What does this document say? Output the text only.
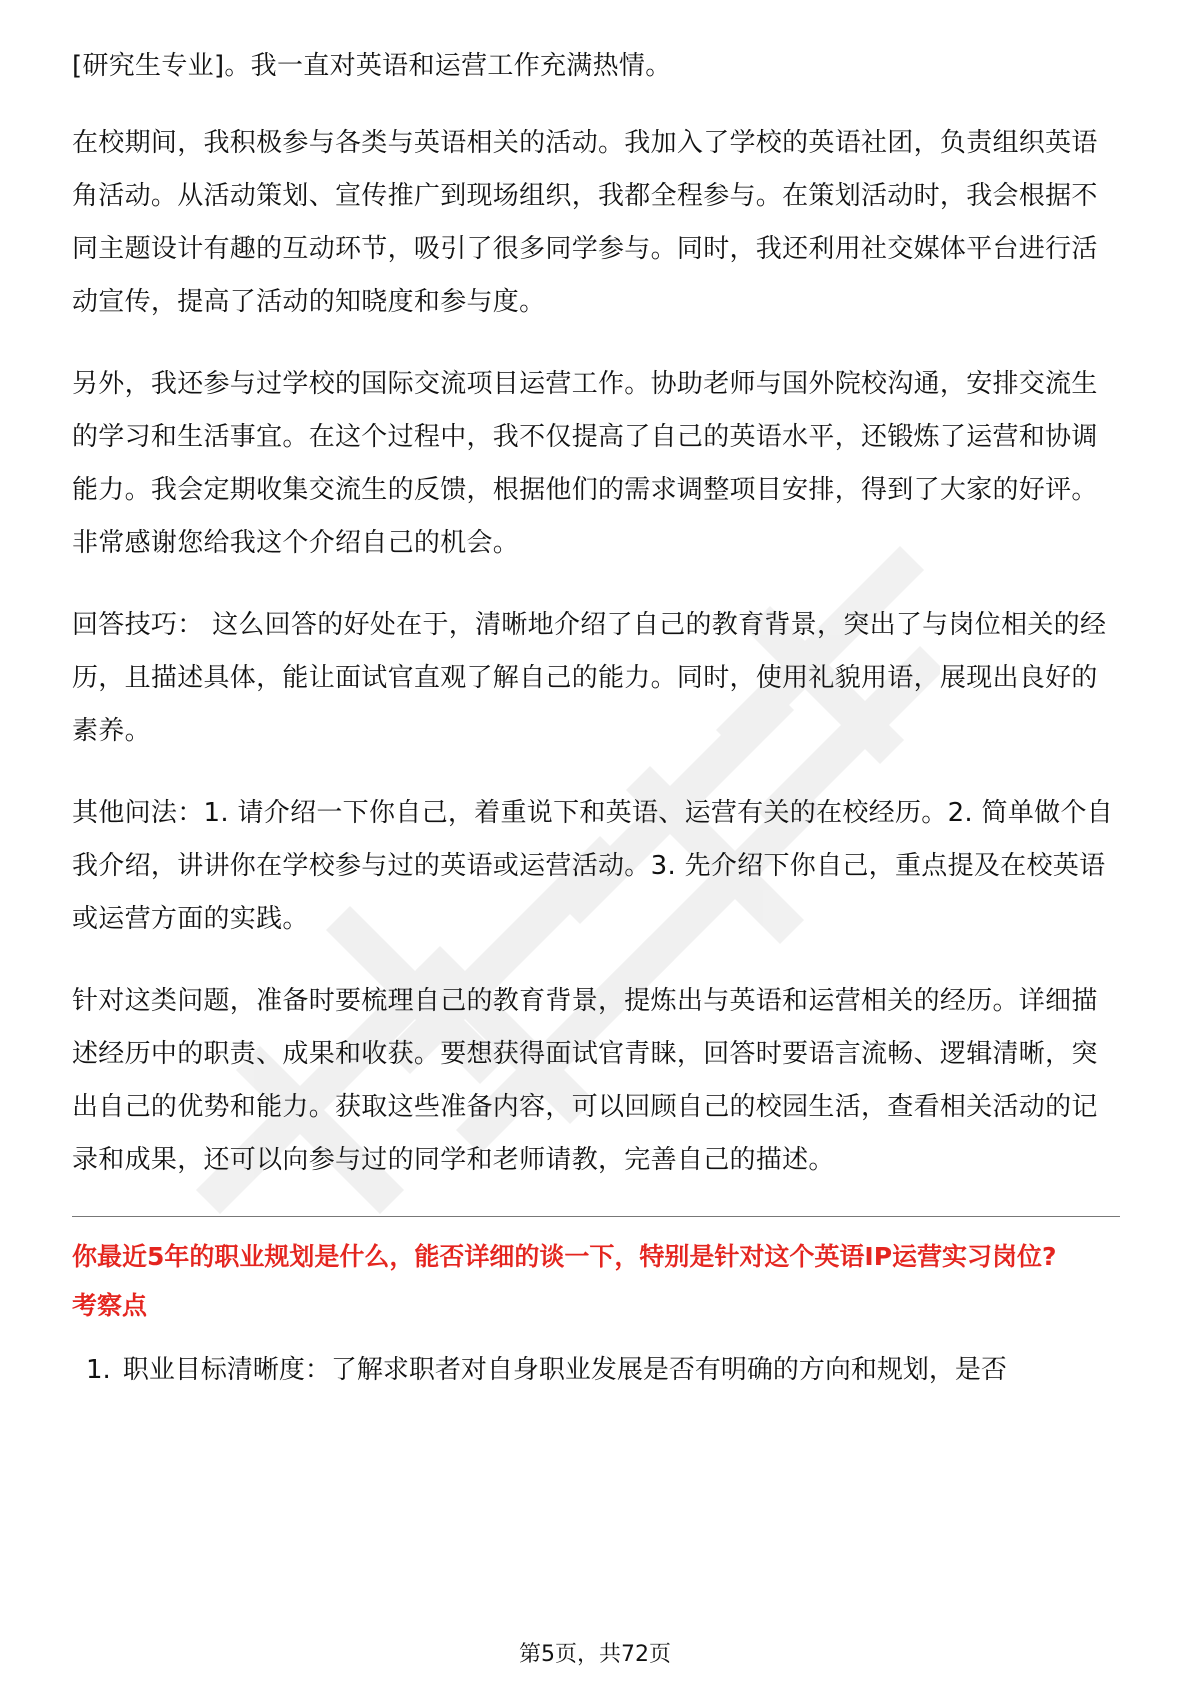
[研究生专业]。我一直对英语和运营工作充满热情。

在校期间，我积极参与各类与英语相关的活动。我加入了学校的英语社团，负责组织英语角活动。从活动策划、宣传推广到现场组织，我都全程参与。在策划活动时，我会根据不同主题设计有趣的互动环节，吸引了很多同学参与。同时，我还利用社交媒体平台进行活动宣传，提高了活动的知晓度和参与度。

另外，我还参与过学校的国际交流项目运营工作。协助老师与国外院校沟通，安排交流生的学习和生活事宜。在这个过程中，我不仅提高了自己的英语水平，还锻炼了运营和协调能力。我会定期收集交流生的反馈，根据他们的需求调整项目安排，得到了大家的好评。非常感谢您给我这个介绍自己的机会。

回答技巧： 这么回答的好处在于，清晰地介绍了自己的教育背景，突出了与岗位相关的经历，且描述具体，能让面试官直观了解自己的能力。同时，使用礼貌用语，展现出良好的素养。

其他问法：1. 请介绍一下你自己，着重说下和英语、运营有关的在校经历。2. 简单做个自我介绍，讲讲你在学校参与过的英语或运营活动。3. 先介绍下你自己，重点提及在校英语或运营方面的实践。

针对这类问题，准备时要梳理自己的教育背景，提炼出与英语和运营相关的经历。详细描述经历中的职责、成果和收获。要想获得面试官青睐，回答时要语言流畅、逻辑清晰，突出自己的优势和能力。获取这些准备内容，可以回顾自己的校园生活，查看相关活动的记录和成果，还可以向参与过的同学和老师请教，完善自己的描述。

你最近5年的职业规划是什么，能否详细的谈一下，特别是针对这个英语IP运营实习岗位?

考察点

1. 职业目标清晰度：了解求职者对自身职业发展是否有明确的方向和规划，是否

第5页，共72页
